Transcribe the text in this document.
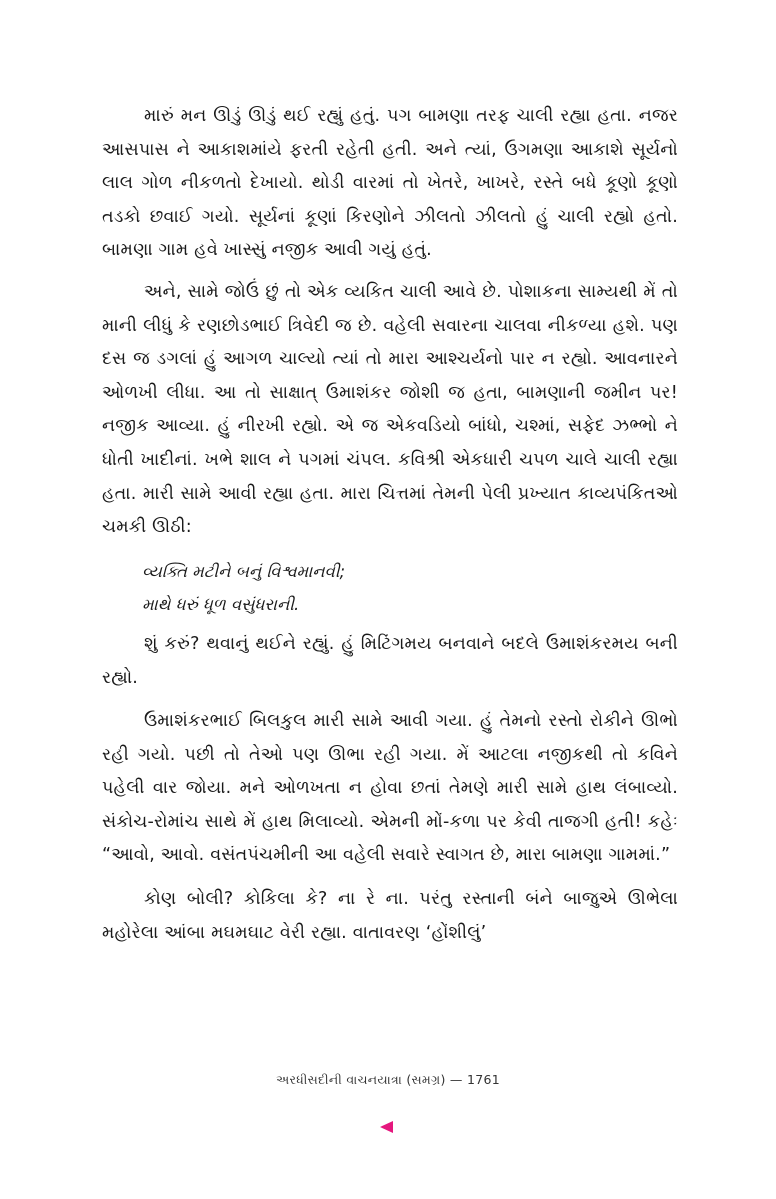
મારું મન ઊડું ઊડું થઈ રહ્યું હતું. પગ બામણા તરફ ચાલી રહ્યા હતા. નજર આસપાસ ને આકાશમાંયે ફરતી રહેતી હતી. અને ત્યાં, ઉગમણા આકાશે સૂર્યનો લાલ ગોળ નીકળતો દેખાયો. થોડી વારમાં તો ખેતરે, ખાખરે, રસ્તે બધે કૂણો કૂણો તડકો છવાઈ ગયો. સૂર્યનાં કૂણાં કિરણોને ઝીલતો ઝીલતો હું ચાલી રહ્યો હતો. બામણા ગામ હવે ખાસ્સું નજીક આવી ગયું હતું.

અને, સામે જોઉં છું તો એક વ્યકિત ચાલી આવે છે. પોશાકના સામ્યથી મેં તો માની લીધું કે રણછોડભાઈ ત્રિવેદી જ છે. વહેલી સવારના ચાલવા નીકળ્યા હશે. પણ દસ જ ડગલાં હું આગળ ચાલ્યો ત્યાં તો મારા આશ્ચર્યનો પાર ન રહ્યો. આવનારને ઓળખી લીધા. આ તો સાક્ષાત્ ઉમાશંકર જોશી જ હતા, બામણાની જમીન પર! નજીક આવ્યા. હું નીરખી રહ્યો. એ જ એકવડિયો બાંધો, ચશ્માં, સફેદ ઝભ્ભો ને ધોતી ખાદીનાં. ખભે શાલ ને પગમાં ચંપલ. કવિશ્રી એકધારી ચપળ ચાલે ચાલી રહ્યા હતા. મારી સામે આવી રહ્યા હતા. મારા ચિત્તમાં તેમની પેલી પ્રખ્યાત કાવ્યપંકિતઓ ચમકી ઊઠી:

વ્યક્તિ મટીને બનું વિશ્વમાનવી;
માથે ધરું ધૂળ વસુંધરાની.

શું કરું? થવાનું થઈને રહ્યું. હું મિટિંગમય બનવાને બદલે ઉમાશંકરમય બની રહ્યો.

ઉમાશંકરભાઈ બિલકુલ મારી સામે આવી ગયા. હું તેમનો રસ્તો રોકીને ઊભો રહી ગયો. પછી તો તેઓ પણ ઊભા રહી ગયા. મેં આટલા નજીકથી તો કવિને પહેલી વાર જોયા. મને ઓળખતા ન હોવા છતાં તેમણે મારી સામે હાથ લંબાવ્યો. સંકોચ-રોમાંચ સાથે મેં હાથ મિલાવ્યો. એમની મોં-કળા પર કેવી તાજગી હતી! કહેઃ “આવો, આવો. વસંતપંચમીની આ વહેલી સવારે સ્વાગત છે, મારા બામણા ગામમાં.”

કોણ બોલી? કોકિલા કે? ના રે ના. પરંતુ રસ્તાની બંને બાજુએ ઊભેલા મહોરેલા આંબા મઘમઘાટ વેરી રહ્યા. વાતાવરણ ‘હોંશીલું’

અરધીસદીની વાચનયાત્રા (સમગ્ર) — 1761
